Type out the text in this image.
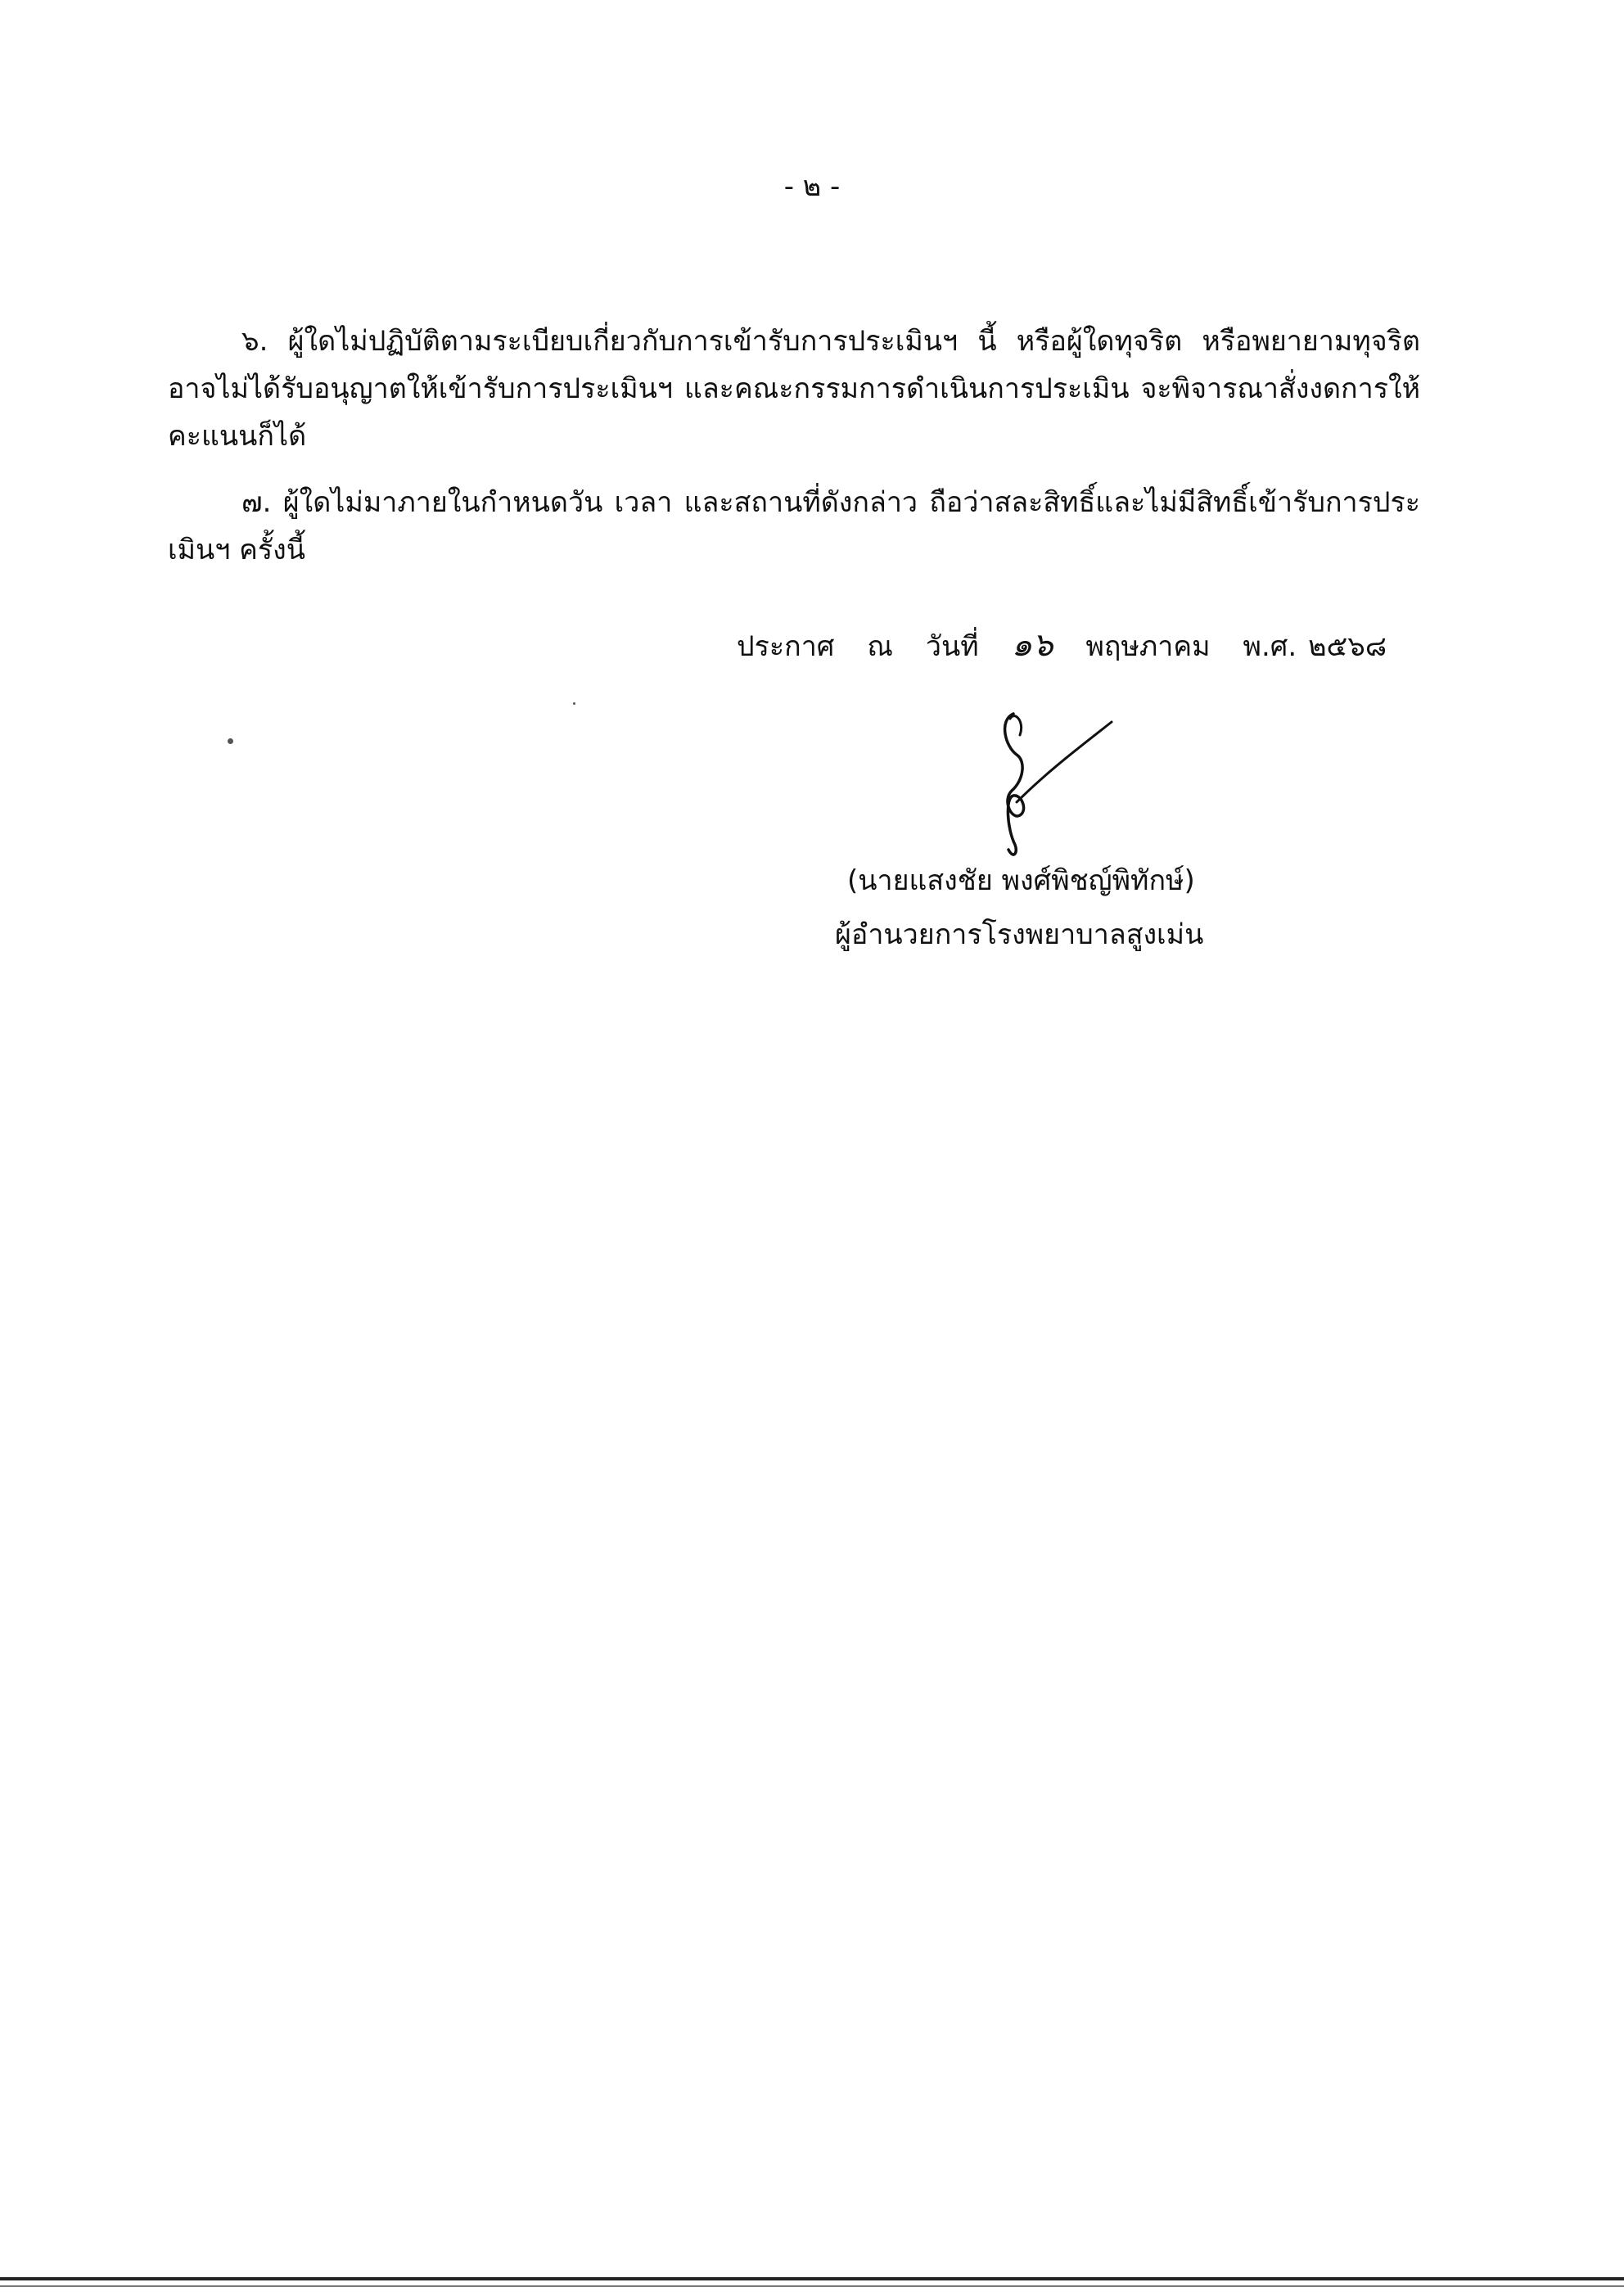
- ๒ -
๖. ผู้ใดไม่ปฏิบัติตามระเบียบเกี่ยวกับการเข้ารับการประเมินฯ นี้ หรือผู้ใดทุจริต หรือพยายามทุจริต อาจไม่ได้รับอนุญาตให้เข้ารับการประเมินฯ และคณะกรรมการดำเนินการประเมิน จะพิจารณาสั่งงดการให้คะแนนก็ได้
๗. ผู้ใดไม่มาภายในกำหนดวัน เวลา และสถานที่ดังกล่าว ถือว่าสละสิทธิ์และไม่มีสิทธิ์เข้ารับการประเมินฯ ครั้งนี้
ประกาศ ณ วันที่ ๑๖ พฤษภาคม พ.ศ. ๒๕๖๘
(นายแสงชัย พงศ์พิชญ์พิทักษ์)
ผู้อำนวยการโรงพยาบาลสูงเม่น
